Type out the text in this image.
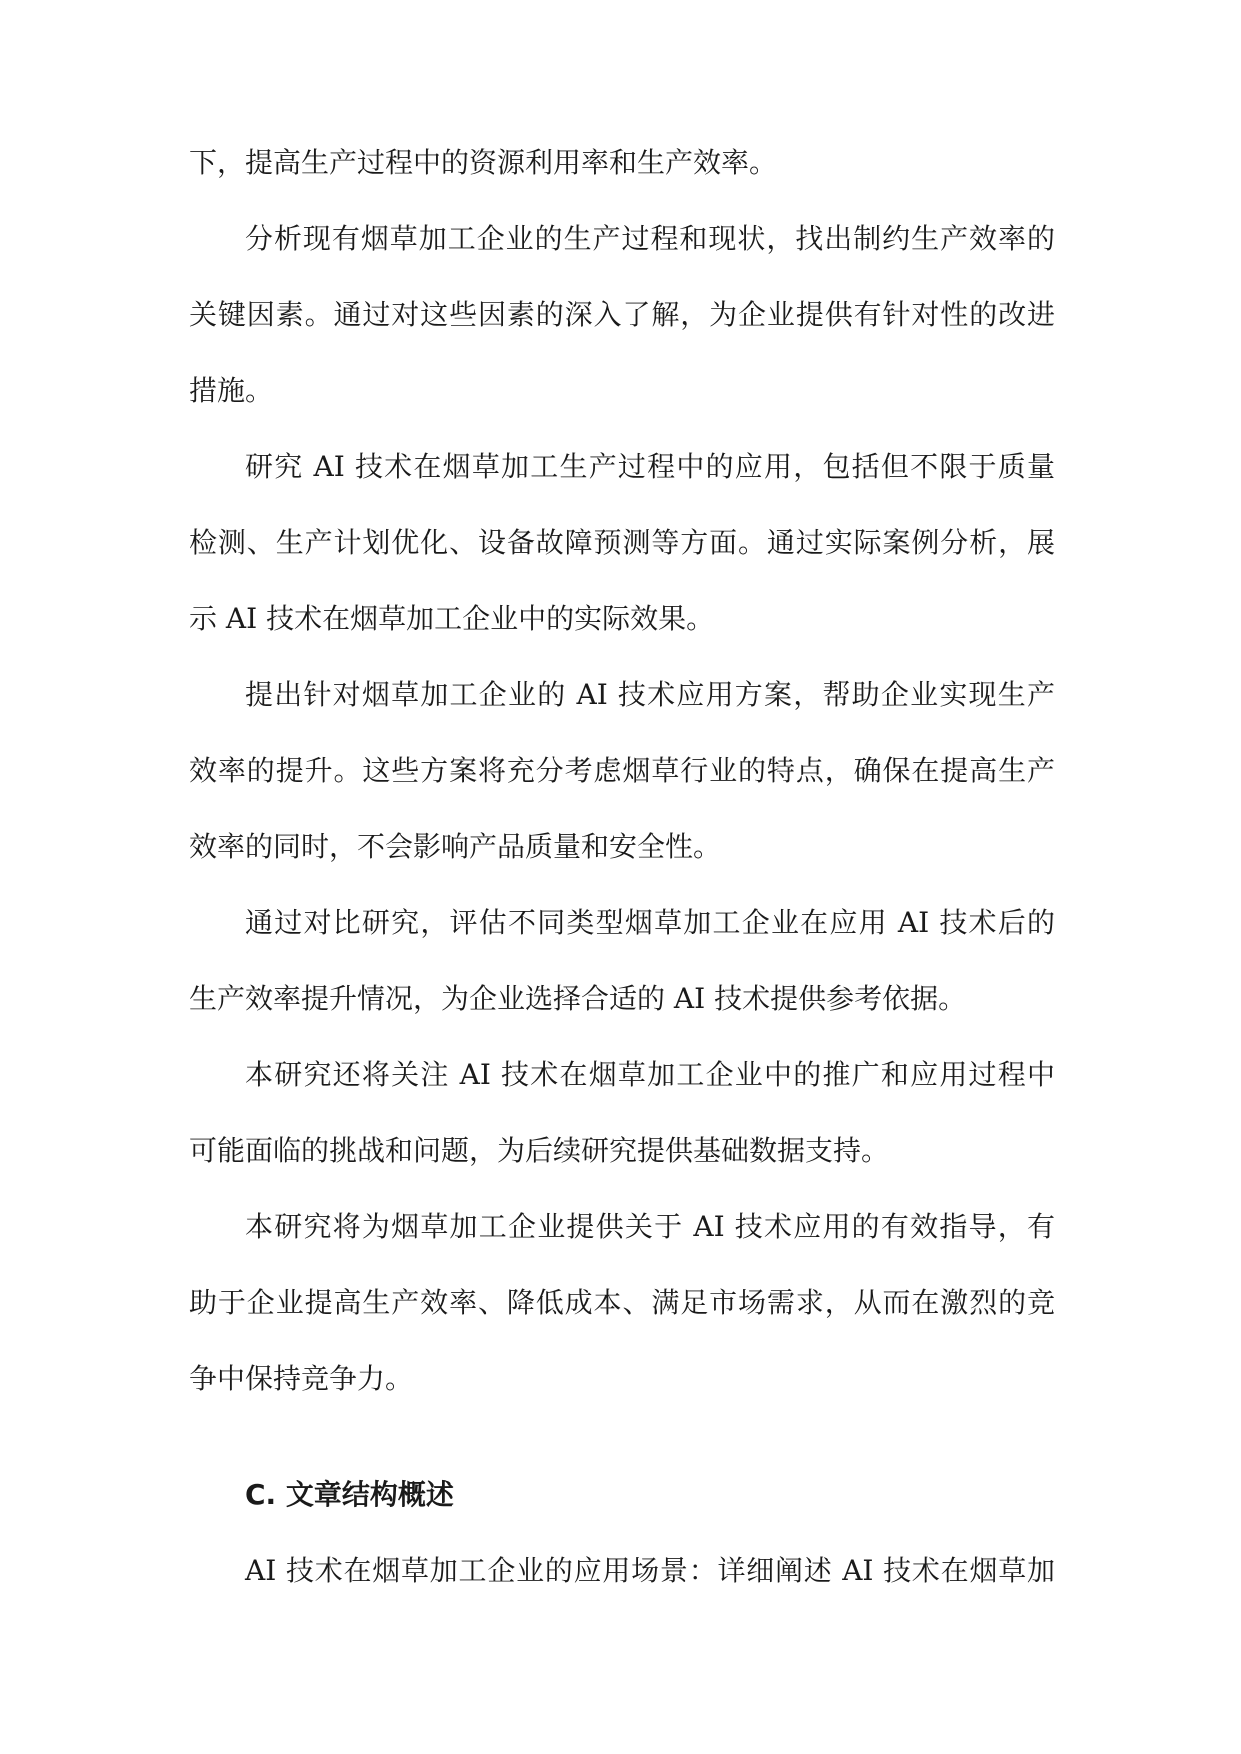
下，提高生产过程中的资源利用率和生产效率。
分析现有烟草加工企业的生产过程和现状，找出制约生产效率的
关键因素。通过对这些因素的深入了解，为企业提供有针对性的改进
措施。
研究 AI 技术在烟草加工生产过程中的应用，包括但不限于质量
检测、生产计划优化、设备故障预测等方面。通过实际案例分析，展
示 AI 技术在烟草加工企业中的实际效果。
提出针对烟草加工企业的 AI 技术应用方案，帮助企业实现生产
效率的提升。这些方案将充分考虑烟草行业的特点，确保在提高生产
效率的同时，不会影响产品质量和安全性。
通过对比研究，评估不同类型烟草加工企业在应用 AI 技术后的
生产效率提升情况，为企业选择合适的 AI 技术提供参考依据。
本研究还将关注 AI 技术在烟草加工企业中的推广和应用过程中
可能面临的挑战和问题，为后续研究提供基础数据支持。
本研究将为烟草加工企业提供关于 AI 技术应用的有效指导，有
助于企业提高生产效率、降低成本、满足市场需求，从而在激烈的竞
争中保持竞争力。
C. 文章结构概述
AI 技术在烟草加工企业的应用场景：详细阐述 AI 技术在烟草加
